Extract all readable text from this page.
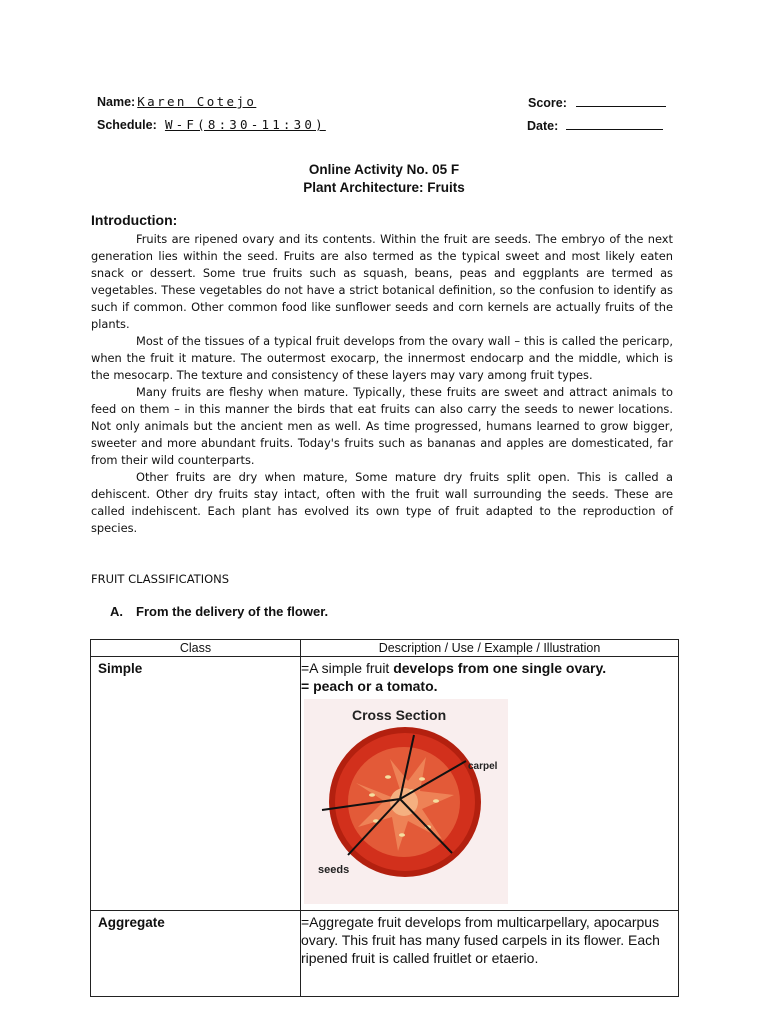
Name: Karen Cotejo	Score:
Schedule: W-F(8:30-11:30)	Date:
Online Activity No. 05 F
Plant Architecture: Fruits
Introduction:

Fruits are ripened ovary and its contents. Within the fruit are seeds. The embryo of the next generation lies within the seed. Fruits are also termed as the typical sweet and most likely eaten snack or dessert. Some true fruits such as squash, beans, peas and eggplants are termed as vegetables. These vegetables do not have a strict botanical definition, so the confusion to identify as such if common. Other common food like sunflower seeds and corn kernels are actually fruits of the plants.

Most of the tissues of a typical fruit develops from the ovary wall – this is called the pericarp, when the fruit it mature. The outermost exocarp, the innermost endocarp and the middle, which is the mesocarp. The texture and consistency of these layers may vary among fruit types.

Many fruits are fleshy when mature. Typically, these fruits are sweet and attract animals to feed on them – in this manner the birds that eat fruits can also carry the seeds to newer locations. Not only animals but the ancient men as well. As time progressed, humans learned to grow bigger, sweeter and more abundant fruits. Today's fruits such as bananas and apples are domesticated, far from their wild counterparts.

Other fruits are dry when mature, Some mature dry fruits split open. This is called a dehiscent. Other dry fruits stay intact, often with the fruit wall surrounding the seeds. These are called indehiscent. Each plant has evolved its own type of fruit adapted to the reproduction of species.

FRUIT CLASSIFICATIONS
A. From the delivery of the flower.
Class	Description / Use / Example / Illustration
Simple	=A simple fruit develops from one single ovary.
= peach or a tomato.
Cross Section
carpel
seeds

Aggregate	=Aggregate fruit develops from multicarpellary, apocarpus ovary. This fruit has many fused carpels in its flower. Each ripened fruit is called fruitlet or etaerio.
